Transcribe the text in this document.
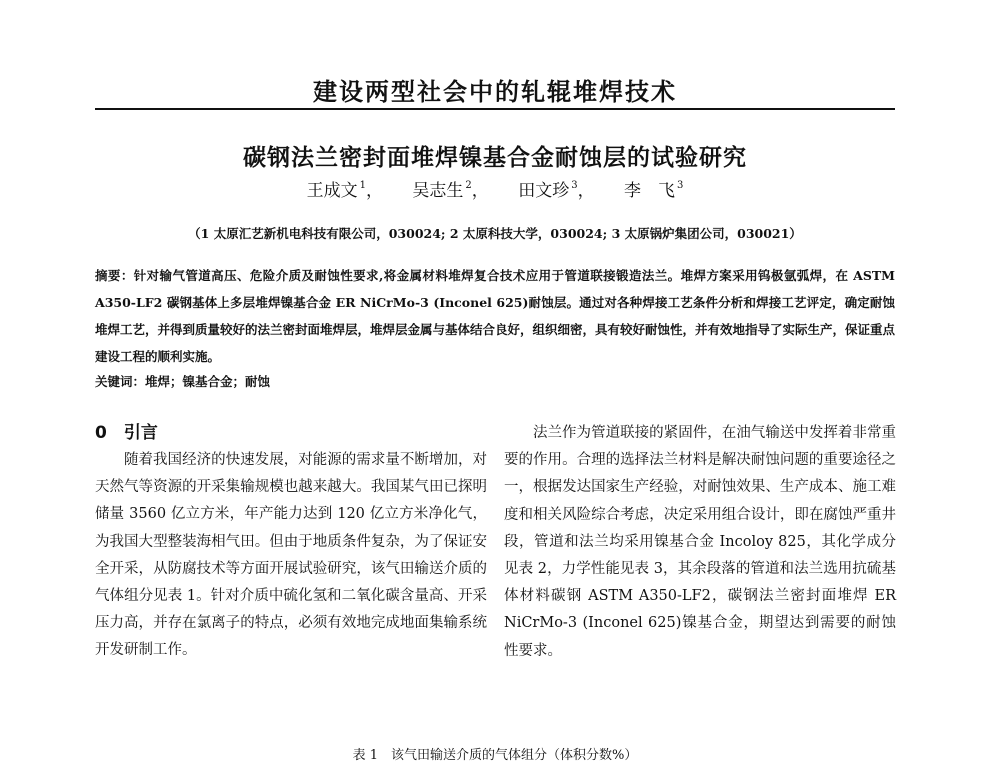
建设两型社会中的轧辊堆焊技术
碳钢法兰密封面堆焊镍基合金耐蚀层的试验研究
王成文 $^1$， 吴志生 $^2$， 田文珍 $^3$， 李　飞 $^3$
（1 太原汇艺新机电科技有限公司，030024; 2 太原科技大学，030024; 3 太原锅炉集团公司，030021）
摘要：针对输气管道高压、危险介质及耐蚀性要求,将金属材料堆焊复合技术应用于管道联接锻造法兰。堆焊方案采用钨极氩弧焊，在 ASTM A350-LF2 碳钢基体上多层堆焊镍基合金 ER NiCrMo-3 (Inconel 625)耐蚀层。通过对各种焊接工艺条件分析和焊接工艺评定，确定耐蚀堆焊工艺，并得到质量较好的法兰密封面堆焊层，堆焊层金属与基体结合良好，组织细密，具有较好耐蚀性，并有效地指导了实际生产，保证重点建设工程的顺利实施。
关键词：堆焊；镍基合金；耐蚀
0　引言

随着我国经济的快速发展，对能源的需求量不断增加，对天然气等资源的开采集输规模也越来越大。我国某气田已探明储量 3560 亿立方米，年产能力达到 120 亿立方米净化气，为我国大型整装海相气田。但由于地质条件复杂，为了保证安全开采，从防腐技术等方面开展试验研究，该气田输送介质的气体组分见表 1。针对介质中硫化氢和二氧化碳含量高、开采压力高，并存在氯离子的特点，必须有效地完成地面集输系统开发研制工作。

法兰作为管道联接的紧固件，在油气输送中发挥着非常重要的作用。合理的选择法兰材料是解决耐蚀问题的重要途径之一，根据发达国家生产经验，对耐蚀效果、生产成本、施工难度和相关风险综合考虑，决定采用组合设计，即在腐蚀严重井段，管道和法兰均采用镍基合金 Incoloy 825，其化学成分见表 2，力学性能见表 3，其余段落的管道和法兰选用抗硫基体材料碳钢 ASTM A350-LF2，碳钢法兰密封面堆焊 ER NiCrMo-3 (Inconel 625)镍基合金，期望达到需要的耐蚀性要求。

表 1　该气田输送介质的气体组分（体积分数%）
